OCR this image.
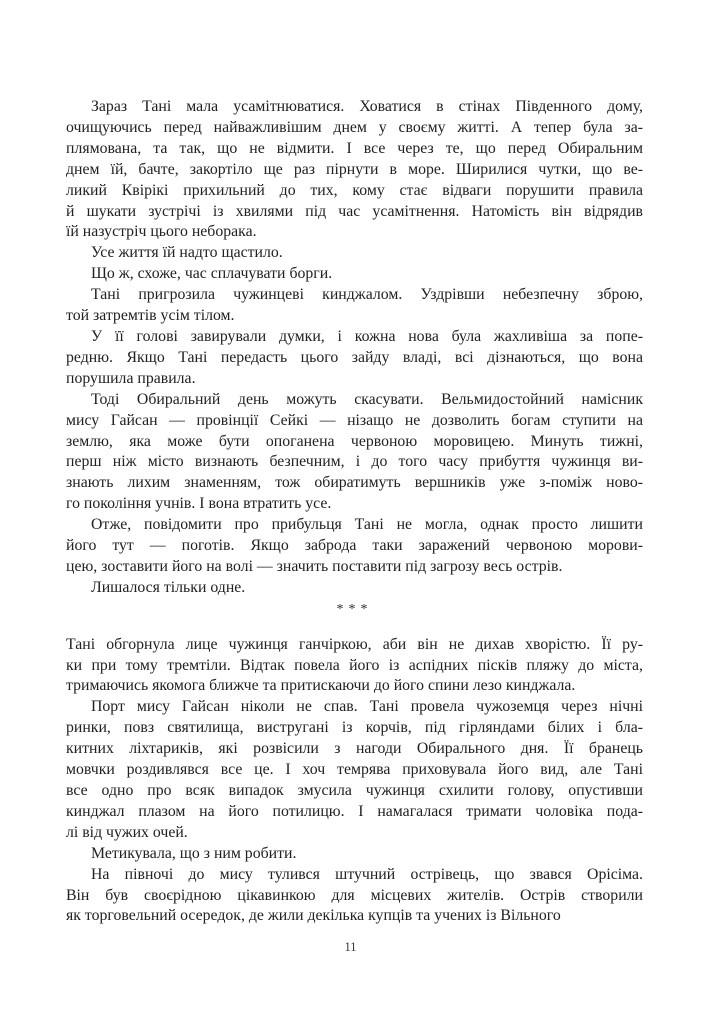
Зараз Тані мала усамітнюватися. Ховатися в стінах Південного дому,
очищуючись перед найважливішим днем у своєму житті. А тепер була за-
плямована, та так, що не відмити. І все через те, що перед Обиральним
днем їй, бачте, закортіло ще раз пірнути в море. Ширилися чутки, що ве-
ликий Квірікі прихильний до тих, кому стає відваги порушити правила
й шукати зустрічі із хвилями під час усамітнення. Натомість він відрядив
їй назустріч цього неборака.
Усе життя їй надто щастило.
Що ж, схоже, час сплачувати борги.
Тані пригрозила чужинцеві кинджалом. Уздрівши небезпечну зброю,
той затремтів усім тілом.
У її голові завирували думки, і кожна нова була жахливіша за попе-
редню. Якщо Тані передасть цього зайду владі, всі дізнаються, що вона
порушила правила.
Тоді Обиральний день можуть скасувати. Вельмидостойний намісник
мису Гайсан — провінції Сейкі — нізащо не дозволить богам ступити на
землю, яка може бути опоганена червоною моровицею. Минуть тижні,
перш ніж місто визнають безпечним, і до того часу прибуття чужинця ви-
знають лихим знаменням, тож обиратимуть вершників уже з-поміж ново-
го покоління учнів. І вона втратить усе.
Отже, повідомити про прибульця Тані не могла, однак просто лишити
його тут — поготів. Якщо заброда таки заражений червоною морови-
цею, зоставити його на волі — значить поставити під загрозу весь острів.
Лишалося тільки одне.
***
Тані обгорнула лице чужинця ганчіркою, аби він не дихав хворістю. Її ру-
ки при тому тремтіли. Відтак повела його із аспідних пісків пляжу до міста,
тримаючись якомога ближче та притискаючи до його спини лезо кинджала.
Порт мису Гайсан ніколи не спав. Тані провела чужоземця через нічні
ринки, повз святилища, вистругані із корчів, під гірляндами білих і бла-
китних ліхтариків, які розвісили з нагоди Обирального дня. Її бранець
мовчки роздивлявся все це. І хоч темрява приховувала його вид, але Тані
все одно про всяк випадок змусила чужинця схилити голову, опустивши
кинджал плазом на його потилицю. І намагалася тримати чоловіка пода-
лі від чужих очей.
Метикувала, що з ним робити.
На півночі до мису тулився штучний острівець, що звався Орісіма.
Він був своєрідною цікавинкою для місцевих жителів. Острів створили
як торговельний осередок, де жили декілька купців та учених із Вільного
11
